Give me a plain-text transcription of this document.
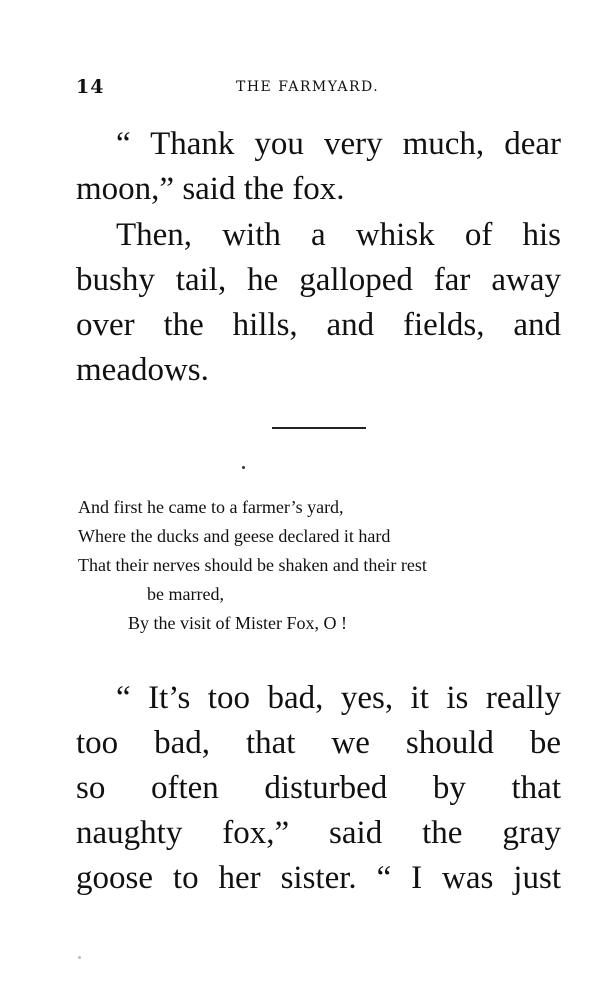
14	THE FARMYARD.

“ Thank you very much, dear
moon,” said the fox.

Then, with a whisk of his
bushy tail, he galloped far away
over the hills, and fields, and
meadows.

And first he came to a farmer’s yard,
Where the ducks and geese declared it hard
That their nerves should be shaken and their rest
be marred,
By the visit of Mister Fox, O !

“ It’s too bad, yes, it is really
too bad, that we should be
so often disturbed by that
naughty fox,” said the gray
goose to her sister. “ I was just
